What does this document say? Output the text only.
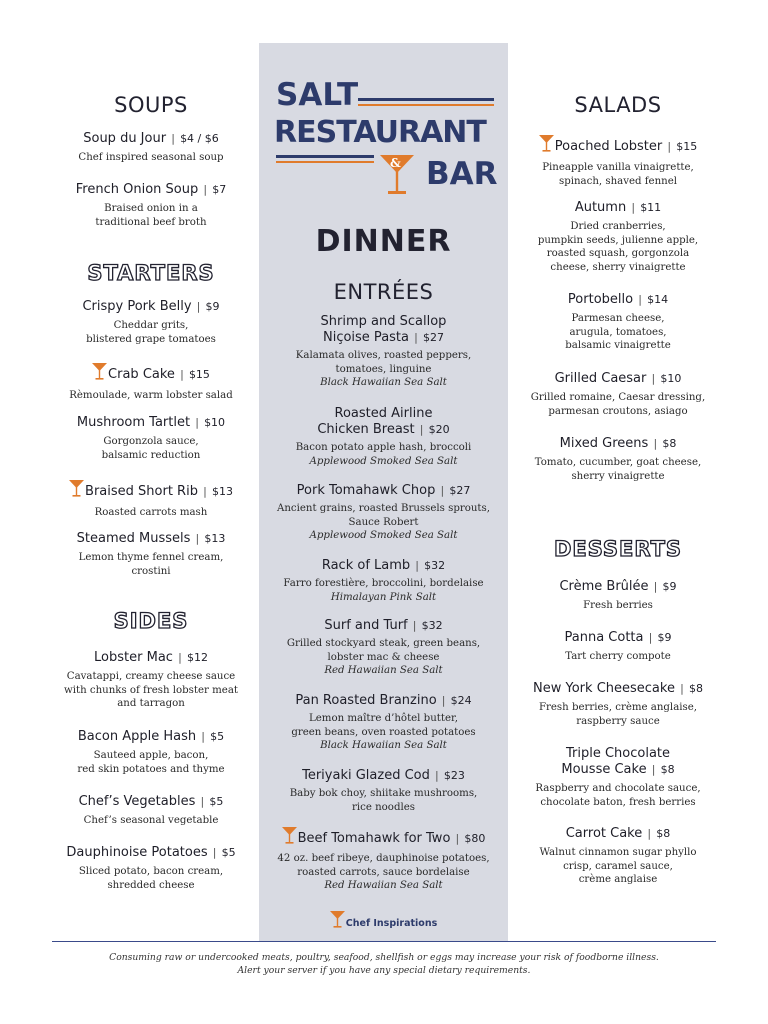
SOUPS
Soup du Jour | $4 / $6
Chef inspired seasonal soup
French Onion Soup | $7
Braised onion in a
traditional beef broth
STARTERS
Crispy Pork Belly | $9
Cheddar grits,
blistered grape tomatoes
Crab Cake | $15
Rèmoulade, warm lobster salad
Mushroom Tartlet | $10
Gorgonzola sauce,
balsamic reduction
Braised Short Rib | $13
Roasted carrots mash
Steamed Mussels | $13
Lemon thyme fennel cream,
crostini
SIDES
Lobster Mac | $12
Cavatappi, creamy cheese sauce
with chunks of fresh lobster meat
and tarragon
Bacon Apple Hash | $5
Sauteed apple, bacon,
red skin potatoes and thyme
Chef’s Vegetables | $5
Chef’s seasonal vegetable
Dauphinoise Potatoes | $5
Sliced potato, bacon cream,
shredded cheese
SALT
RESTAURANT
& BAR
DINNER
ENTRÉES
Shrimp and Scallop
Niçoise Pasta | $27
Kalamata olives, roasted peppers,
tomatoes, linguine
Black Hawaiian Sea Salt
Roasted Airline
Chicken Breast | $20
Bacon potato apple hash, broccoli
Applewood Smoked Sea Salt
Pork Tomahawk Chop | $27
Ancient grains, roasted Brussels sprouts,
Sauce Robert
Applewood Smoked Sea Salt
Rack of Lamb | $32
Farro forestière, broccolini, bordelaise
Himalayan Pink Salt
Surf and Turf | $32
Grilled stockyard steak, green beans,
lobster mac & cheese
Red Hawaiian Sea Salt
Pan Roasted Branzino | $24
Lemon maître d’hôtel butter,
green beans, oven roasted potatoes
Black Hawaiian Sea Salt
Teriyaki Glazed Cod | $23
Baby bok choy, shiitake mushrooms,
rice noodles
Beef Tomahawk for Two | $80
42 oz. beef ribeye, dauphinoise potatoes,
roasted carrots, sauce bordelaise
Red Hawaiian Sea Salt
Chef Inspirations
SALADS
Poached Lobster | $15
Pineapple vanilla vinaigrette,
spinach, shaved fennel
Autumn | $11
Dried cranberries,
pumpkin seeds, julienne apple,
roasted squash, gorgonzola
cheese, sherry vinaigrette
Portobello | $14
Parmesan cheese,
arugula, tomatoes,
balsamic vinaigrette
Grilled Caesar | $10
Grilled romaine, Caesar dressing,
parmesan croutons, asiago
Mixed Greens | $8
Tomato, cucumber, goat cheese,
sherry vinaigrette
DESSERTS
Crème Brûlée | $9
Fresh berries
Panna Cotta | $9
Tart cherry compote
New York Cheesecake | $8
Fresh berries, crème anglaise,
raspberry sauce
Triple Chocolate
Mousse Cake | $8
Raspberry and chocolate sauce,
chocolate baton, fresh berries
Carrot Cake | $8
Walnut cinnamon sugar phyllo
crisp, caramel sauce,
crème anglaise
Consuming raw or undercooked meats, poultry, seafood, shellfish or eggs may increase your risk of foodborne illness.
Alert your server if you have any special dietary requirements.
